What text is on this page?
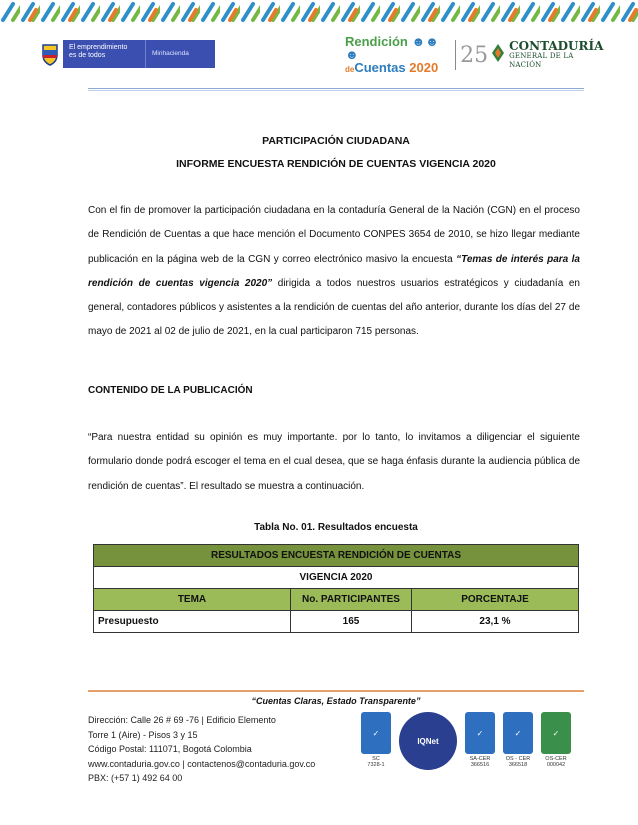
El emprendimiento
es de todos	Minhacienda
Rendición ☻☻☻
deCuentas 2020 25 CONTADURÍA
GENERAL DE LA NACIÓN
PARTICIPACIÓN CIUDADANA
INFORME ENCUESTA RENDICIÓN DE CUENTAS VIGENCIA 2020
Con el fin de promover la participación ciudadana en la contaduría General de la Nación (CGN) en el proceso de Rendición de Cuentas a que hace mención el Documento CONPES 3654 de 2010, se hizo llegar mediante publicación en la página web de la CGN y correo electrónico masivo la encuesta “Temas de interés para la rendición de cuentas vigencia 2020” dirigida a todos nuestros usuarios estratégicos y ciudadanía en general, contadores públicos y asistentes a la rendición de cuentas del año anterior, durante los días del 27 de mayo de 2021 al 02 de julio de 2021, en la cual participaron 715 personas.
CONTENIDO DE LA PUBLICACIÓN
“Para nuestra entidad su opinión es muy importante. por lo tanto, lo invitamos a diligenciar el siguiente formulario donde podrá escoger el tema en el cual desea, que se haga énfasis durante la audiencia pública de rendición de cuentas”. El resultado se muestra a continuación.
Tabla No. 01. Resultados encuesta
RESULTADOS ENCUESTA RENDICIÓN DE CUENTAS		
VIGENCIA 2020		
TEMA	No. PARTICIPANTES	PORCENTAJE
Presupuesto	165	23,1 %
“Cuentas Claras, Estado Transparente”
Dirección: Calle 26 # 69 -76 | Edificio Elemento
Torre 1 (Aire) - Pisos 3 y 15
Código Postal: 111071, Bogotá Colombia
www.contaduria.gov.co | contactenos@contaduria.gov.co
PBX: (+57 1) 492 64 00
✓
SC
7328-1
IQNet
✓
SA-CER
366516
✓
OS - CER
366518
✓
OS-CER
000042
